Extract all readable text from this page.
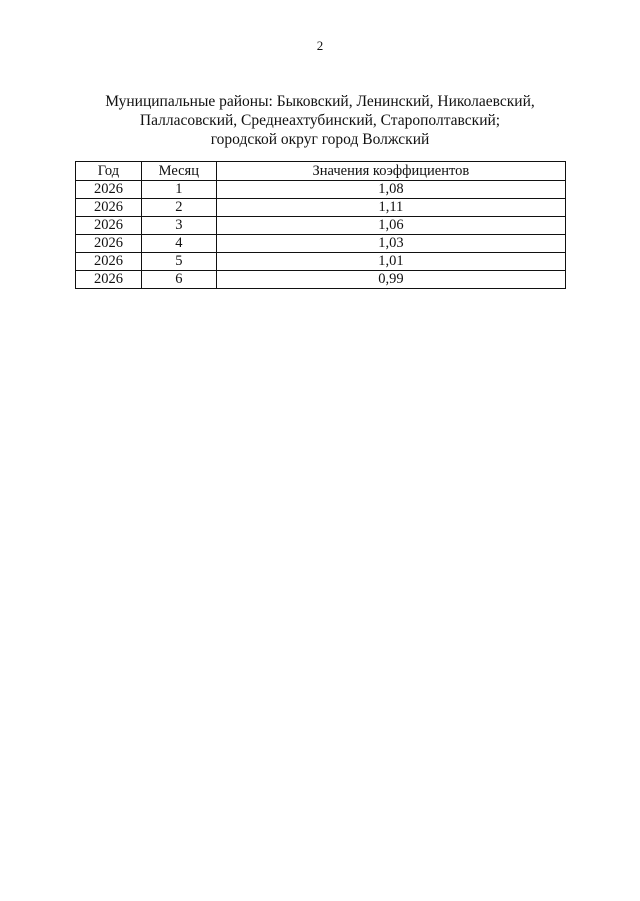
2
Муниципальные районы: Быковский, Ленинский, Николаевский,
Палласовский, Среднеахтубинский, Старополтавский;
городской округ город Волжский
Год	Месяц	Значения коэффициентов
2026	1	1,08
2026	2	1,11
2026	3	1,06
2026	4	1,03
2026	5	1,01
2026	6	0,99
